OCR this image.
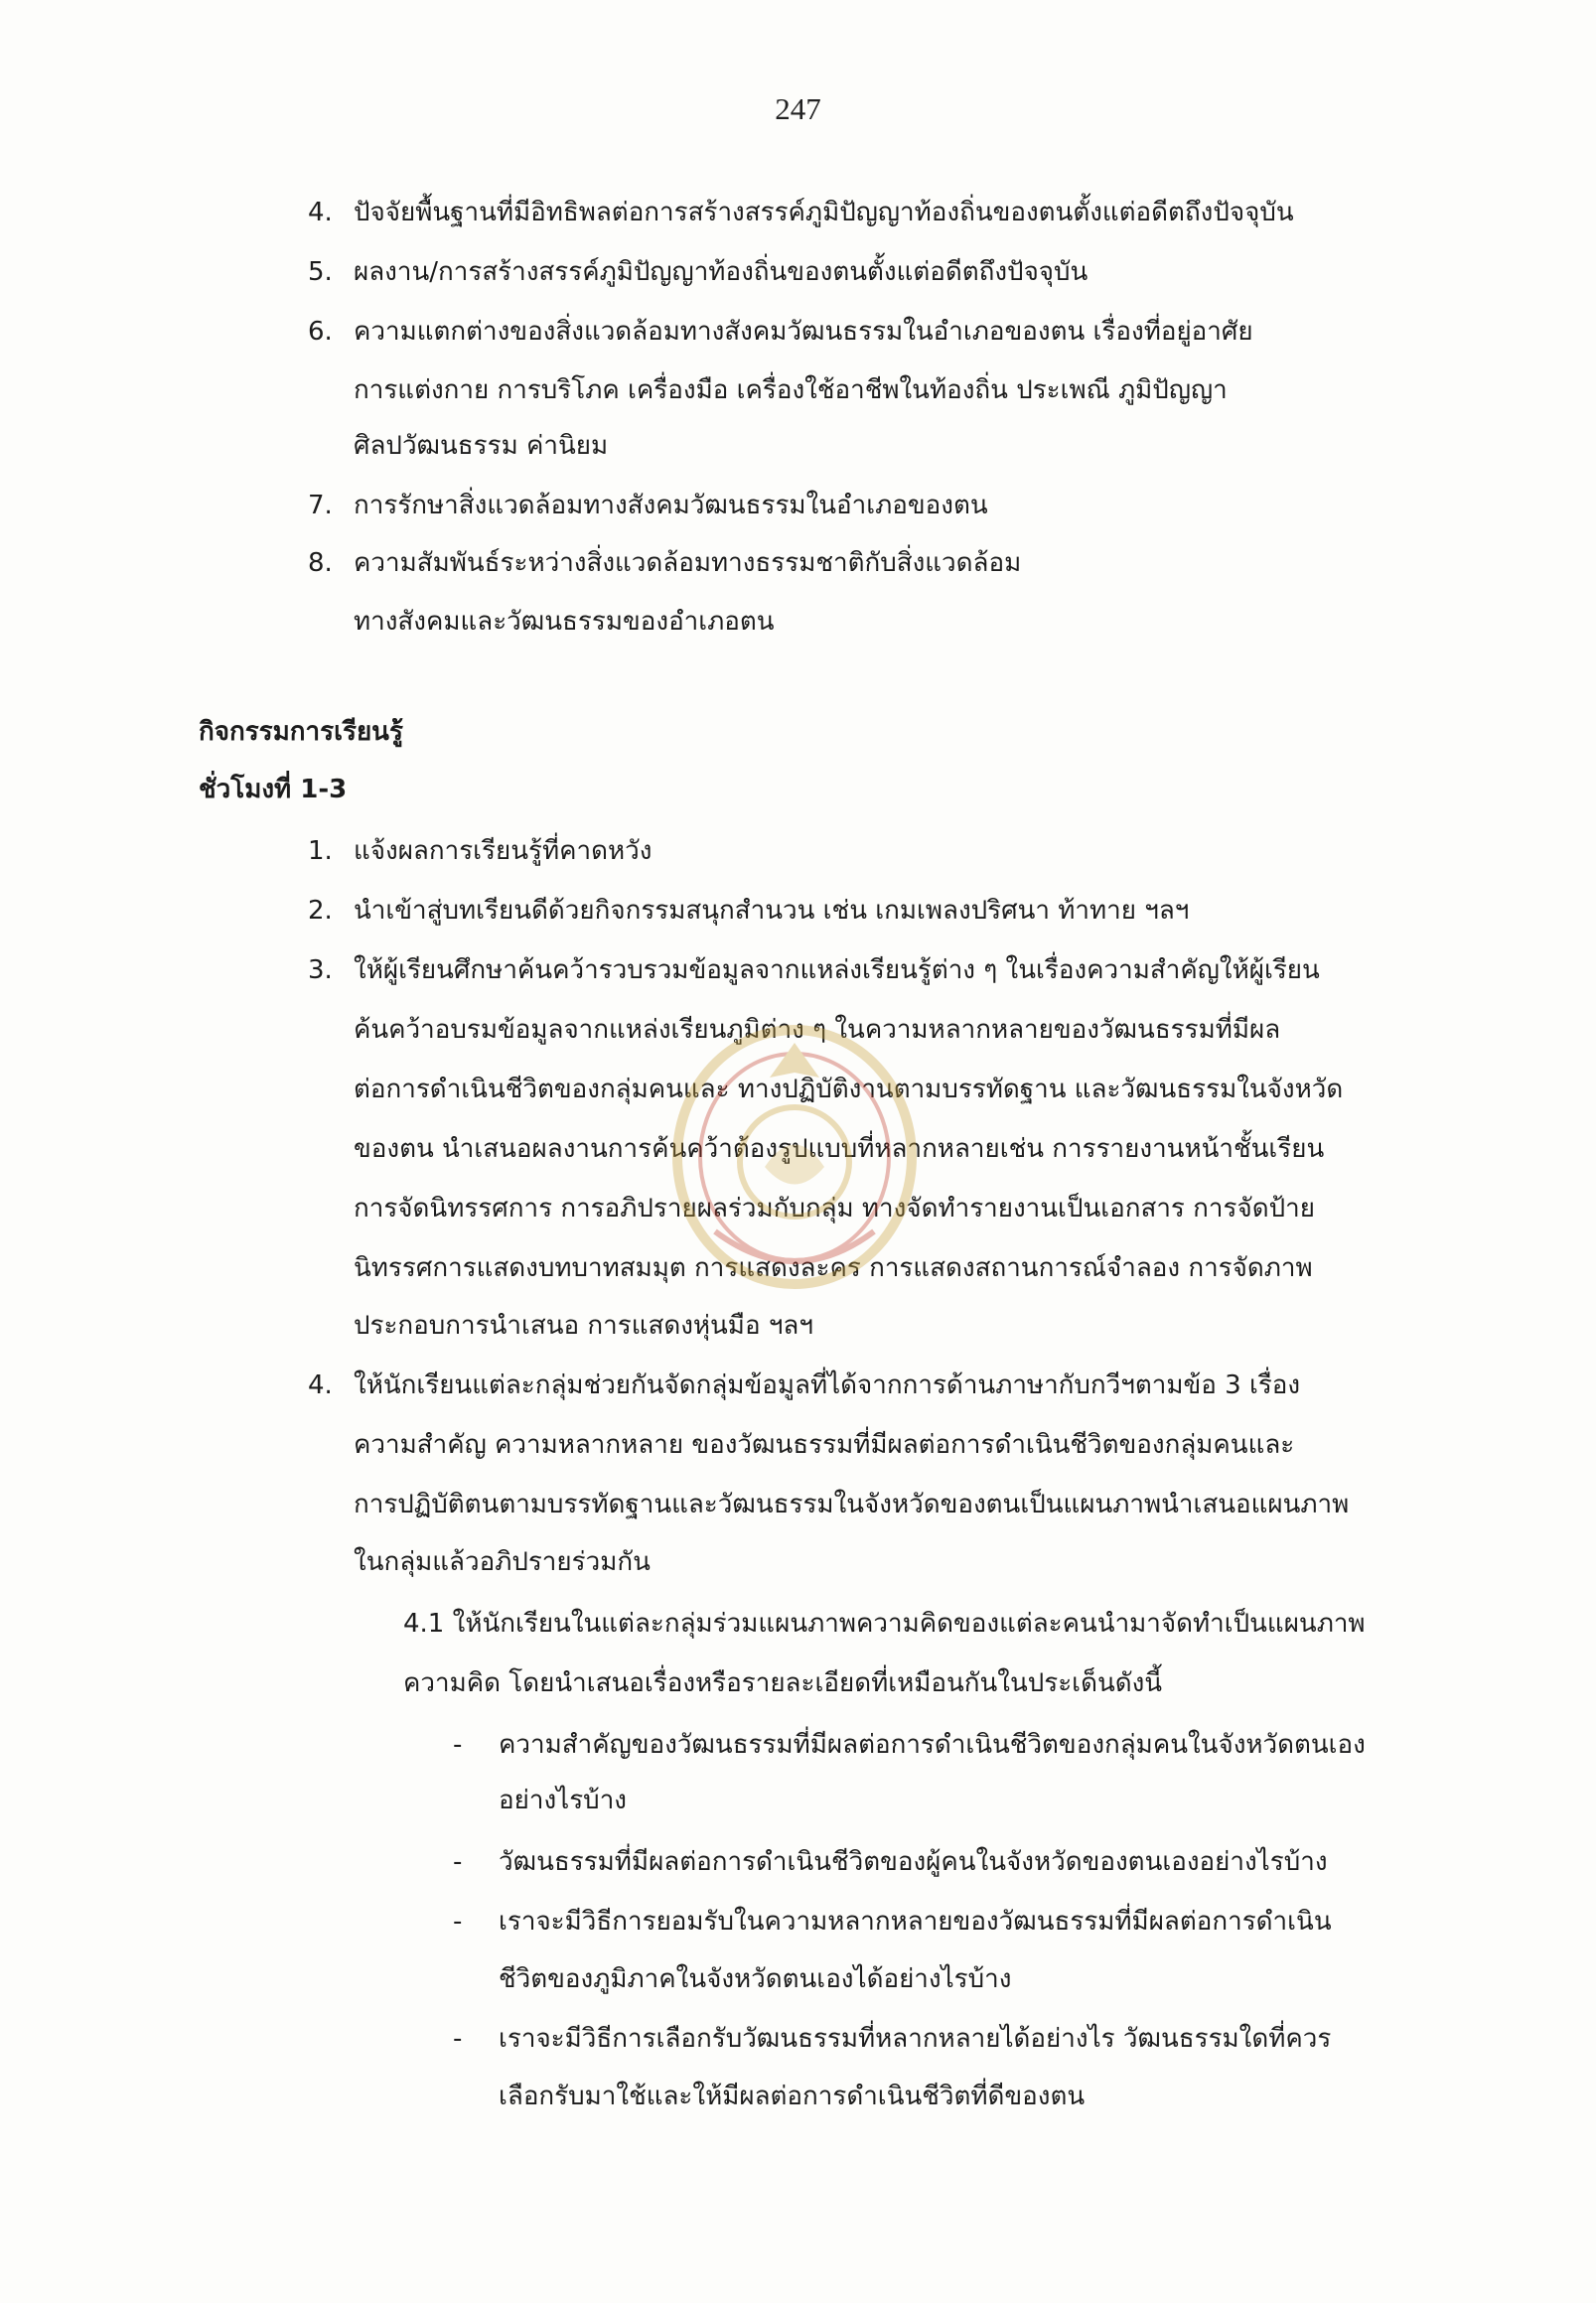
247
4. ปัจจัยพื้นฐานที่มีอิทธิพลต่อการสร้างสรรค์ภูมิปัญญาท้องถิ่นของตนตั้งแต่อดีตถึงปัจจุบัน
5. ผลงาน/การสร้างสรรค์ภูมิปัญญาท้องถิ่นของตนตั้งแต่อดีตถึงปัจจุบัน
6. ความแตกต่างของสิ่งแวดล้อมทางสังคมวัฒนธรรมในอำเภอของตน เรื่องที่อยู่อาศัย
การแต่งกาย การบริโภค เครื่องมือ เครื่องใช้อาชีพในท้องถิ่น ประเพณี ภูมิปัญญา
ศิลปวัฒนธรรม ค่านิยม
7. การรักษาสิ่งแวดล้อมทางสังคมวัฒนธรรมในอำเภอของตน
8. ความสัมพันธ์ระหว่างสิ่งแวดล้อมทางธรรมชาติกับสิ่งแวดล้อม
ทางสังคมและวัฒนธรรมของอำเภอตน
กิจกรรมการเรียนรู้
ชั่วโมงที่ 1-3
1. แจ้งผลการเรียนรู้ที่คาดหวัง
2. นำเข้าสู่บทเรียนดีด้วยกิจกรรมสนุกสำนวน เช่น เกมเพลงปริศนา ท้าทาย ฯลฯ
3. ให้ผู้เรียนศึกษาค้นคว้ารวบรวมข้อมูลจากแหล่งเรียนรู้ต่าง ๆ ในเรื่องความสำคัญให้ผู้เรียน
ค้นคว้าอบรมข้อมูลจากแหล่งเรียนภูมิต่าง ๆ ในความหลากหลายของวัฒนธรรมที่มีผล
ต่อการดำเนินชีวิตของกลุ่มคนและ ทางปฏิบัติงานตามบรรทัดฐาน และวัฒนธรรมในจังหวัด
ของตน นำเสนอผลงานการค้นคว้าต้องรูปแบบที่หลากหลายเช่น การรายงานหน้าชั้นเรียน
การจัดนิทรรศการ การอภิปรายผลร่วมกับกลุ่ม ทางจัดทำรายงานเป็นเอกสาร การจัดป้าย
นิทรรศการแสดงบทบาทสมมุต การแสดงละคร การแสดงสถานการณ์จำลอง การจัดภาพ
ประกอบการนำเสนอ การแสดงหุ่นมือ ฯลฯ
4. ให้นักเรียนแต่ละกลุ่มช่วยกันจัดกลุ่มข้อมูลที่ได้จากการด้านภาษากับกวีฯตามข้อ 3 เรื่อง
ความสำคัญ ความหลากหลาย ของวัฒนธรรมที่มีผลต่อการดำเนินชีวิตของกลุ่มคนและ
การปฏิบัติตนตามบรรทัดฐานและวัฒนธรรมในจังหวัดของตนเป็นแผนภาพนำเสนอแผนภาพ
ในกลุ่มแล้วอภิปรายร่วมกัน
4.1 ให้นักเรียนในแต่ละกลุ่มร่วมแผนภาพความคิดของแต่ละคนนำมาจัดทำเป็นแผนภาพ
ความคิด โดยนำเสนอเรื่องหรือรายละเอียดที่เหมือนกันในประเด็นดังนี้
- ความสำคัญของวัฒนธรรมที่มีผลต่อการดำเนินชีวิตของกลุ่มคนในจังหวัดตนเอง
อย่างไรบ้าง
- วัฒนธรรมที่มีผลต่อการดำเนินชีวิตของผู้คนในจังหวัดของตนเองอย่างไรบ้าง
- เราจะมีวิธีการยอมรับในความหลากหลายของวัฒนธรรมที่มีผลต่อการดำเนิน
ชีวิตของภูมิภาคในจังหวัดตนเองได้อย่างไรบ้าง
- เราจะมีวิธีการเลือกรับวัฒนธรรมที่หลากหลายได้อย่างไร วัฒนธรรมใดที่ควร
เลือกรับมาใช้และให้มีผลต่อการดำเนินชีวิตที่ดีของตน
